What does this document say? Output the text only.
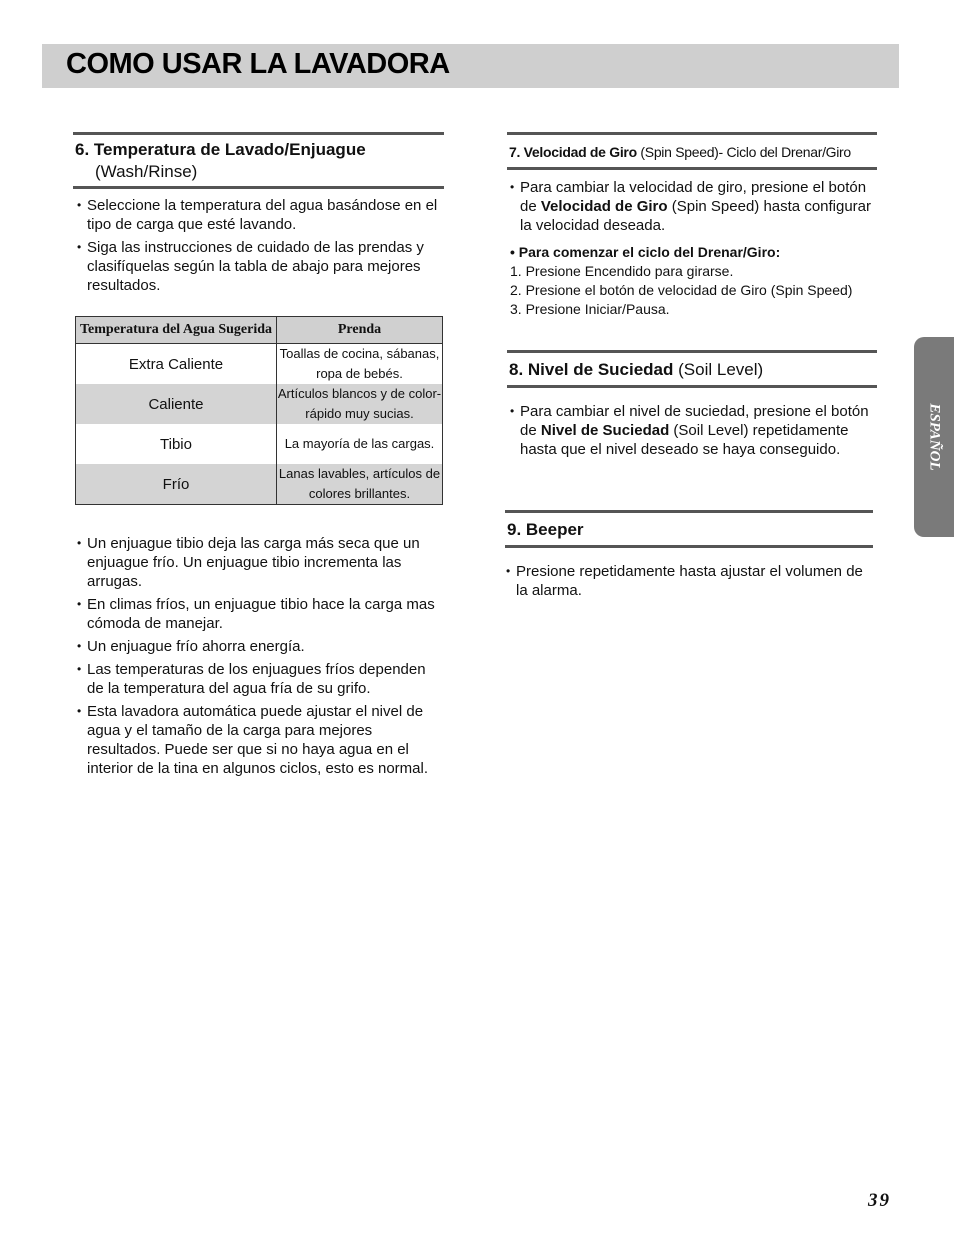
COMO USAR LA LAVADORA
6. Temperatura de Lavado/Enjuague
(Wash/Rinse)
• Seleccione la temperatura del agua basándose en el tipo de carga que esté lavando.
• Siga las instrucciones de cuidado de las prendas y clasifíquelas según la tabla de abajo para mejores resultados.
Temperatura del Agua Sugerida	Prenda
Extra Caliente	Toallas de cocina, sábanas, ropa de bebés.
Caliente	Artículos blancos y de color-rápido muy sucias.
Tibio	La mayoría de las cargas.
Frío	Lanas lavables, artículos de colores brillantes.
• Un enjuague tibio deja las carga más seca que un enjuague frío. Un enjuague tibio incrementa las arrugas.
• En climas fríos, un enjuague tibio hace la carga mas cómoda de manejar.
• Un enjuague frío ahorra energía.
• Las temperaturas de los enjuagues fríos dependen de la temperatura del agua fría de su grifo.
• Esta lavadora automática puede ajustar el nivel de agua y el tamaño de la carga para mejores resultados. Puede ser que si no haya agua en el interior de la tina en algunos ciclos, esto es normal.
7. Velocidad de Giro (Spin Speed)- Ciclo del Drenar/Giro
• Para cambiar la velocidad de giro, presione el botón de Velocidad de Giro (Spin Speed) hasta configurar la velocidad deseada.
• Para comenzar el ciclo del Drenar/Giro:
1. Presione Encendido para girarse.
2. Presione el botón de velocidad de Giro (Spin Speed)
3. Presione Iniciar/Pausa.
8. Nivel de Suciedad (Soil Level)
• Para cambiar el nivel de suciedad, presione el botón de Nivel de Suciedad (Soil Level) repetidamente hasta que el nivel deseado se haya conseguido.
9. Beeper
• Presione repetidamente hasta ajustar el volumen de la alarma.
ESPAÑOL
39
